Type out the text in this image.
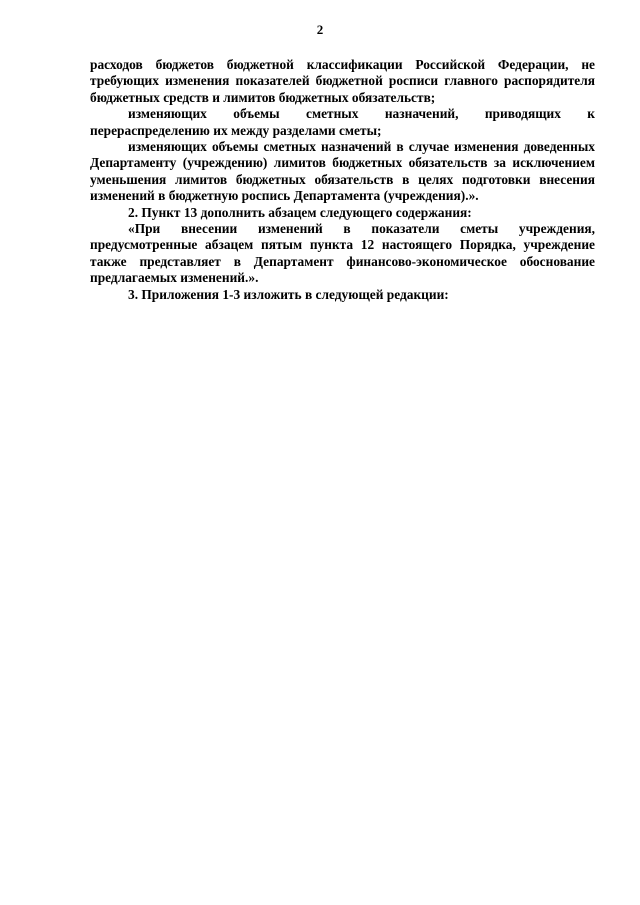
2

расходов бюджетов бюджетной классификации Российской Федерации, не требующих изменения показателей бюджетной росписи главного распорядителя бюджетных средств и лимитов бюджетных обязательств;

изменяющих объемы сметных назначений, приводящих к перераспределению их между разделами сметы;

изменяющих объемы сметных назначений в случае изменения доведенных Департаменту (учреждению) лимитов бюджетных обязательств за исключением уменьшения лимитов бюджетных обязательств в целях подготовки внесения изменений в бюджетную роспись Департамента (учреждения).».

2. Пункт 13 дополнить абзацем следующего содержания:

«При внесении изменений в показатели сметы учреждения, предусмотренные абзацем пятым пункта 12 настоящего Порядка, учреждение также представляет в Департамент финансово-экономическое обоснование предлагаемых изменений.».

3. Приложения 1-3 изложить в следующей редакции:
